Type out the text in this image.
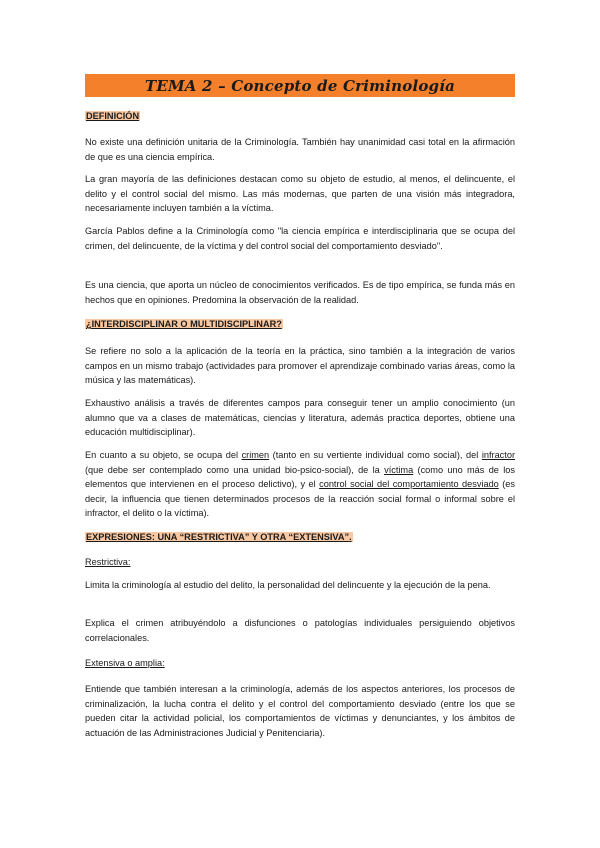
TEMA 2 – Concepto de Criminología
DEFINICIÓN
No existe una definición unitaria de la Criminología. También hay unanimidad casi total en la afirmación de que es una ciencia empírica.
La gran mayoría de las definiciones destacan como su objeto de estudio, al menos, el delincuente, el delito y el control social del mismo. Las más modernas, que parten de una visión más integradora, necesariamente incluyen también a la víctima.
García Pablos define a la Criminología como "la ciencia empírica e interdisciplinaria que se ocupa del crimen, del delincuente, de la víctima y del control social del comportamiento desviado".
Es una ciencia, que aporta un núcleo de conocimientos verificados. Es de tipo empírica, se funda más en hechos que en opiniones. Predomina la observación de la realidad.
¿INTERDISCIPLINAR O MULTIDISCIPLINAR?
Se refiere no solo a la aplicación de la teoría en la práctica, sino también a la integración de varios campos en un mismo trabajo (actividades para promover el aprendizaje combinado varias áreas, como la música y las matemáticas).
Exhaustivo análisis a través de diferentes campos para conseguir tener un amplio conocimiento (un alumno que va a clases de matemáticas, ciencias y literatura, además practica deportes, obtiene una educación multidisciplinar).
En cuanto a su objeto, se ocupa del crimen (tanto en su vertiente individual como social), del infractor (que debe ser contemplado como una unidad bio-psico-social), de la víctima (como uno más de los elementos que intervienen en el proceso delictivo), y el control social del comportamiento desviado (es decir, la influencia que tienen determinados procesos de la reacción social formal o informal sobre el infractor, el delito o la víctima).
EXPRESIONES: UNA “RESTRICTIVA” Y OTRA “EXTENSIVA”.
Restrictiva:
Limita la criminología al estudio del delito, la personalidad del delincuente y la ejecución de la pena.
Explica el crimen atribuyéndolo a disfunciones o patologías individuales persiguiendo objetivos correlacionales.
Extensiva o amplia:
Entiende que también interesan a la criminología, además de los aspectos anteriores, los procesos de criminalización, la lucha contra el delito y el control del comportamiento desviado (entre los que se pueden citar la actividad policial, los comportamientos de víctimas y denunciantes, y los ámbitos de actuación de las Administraciones Judicial y Penitenciaria).
